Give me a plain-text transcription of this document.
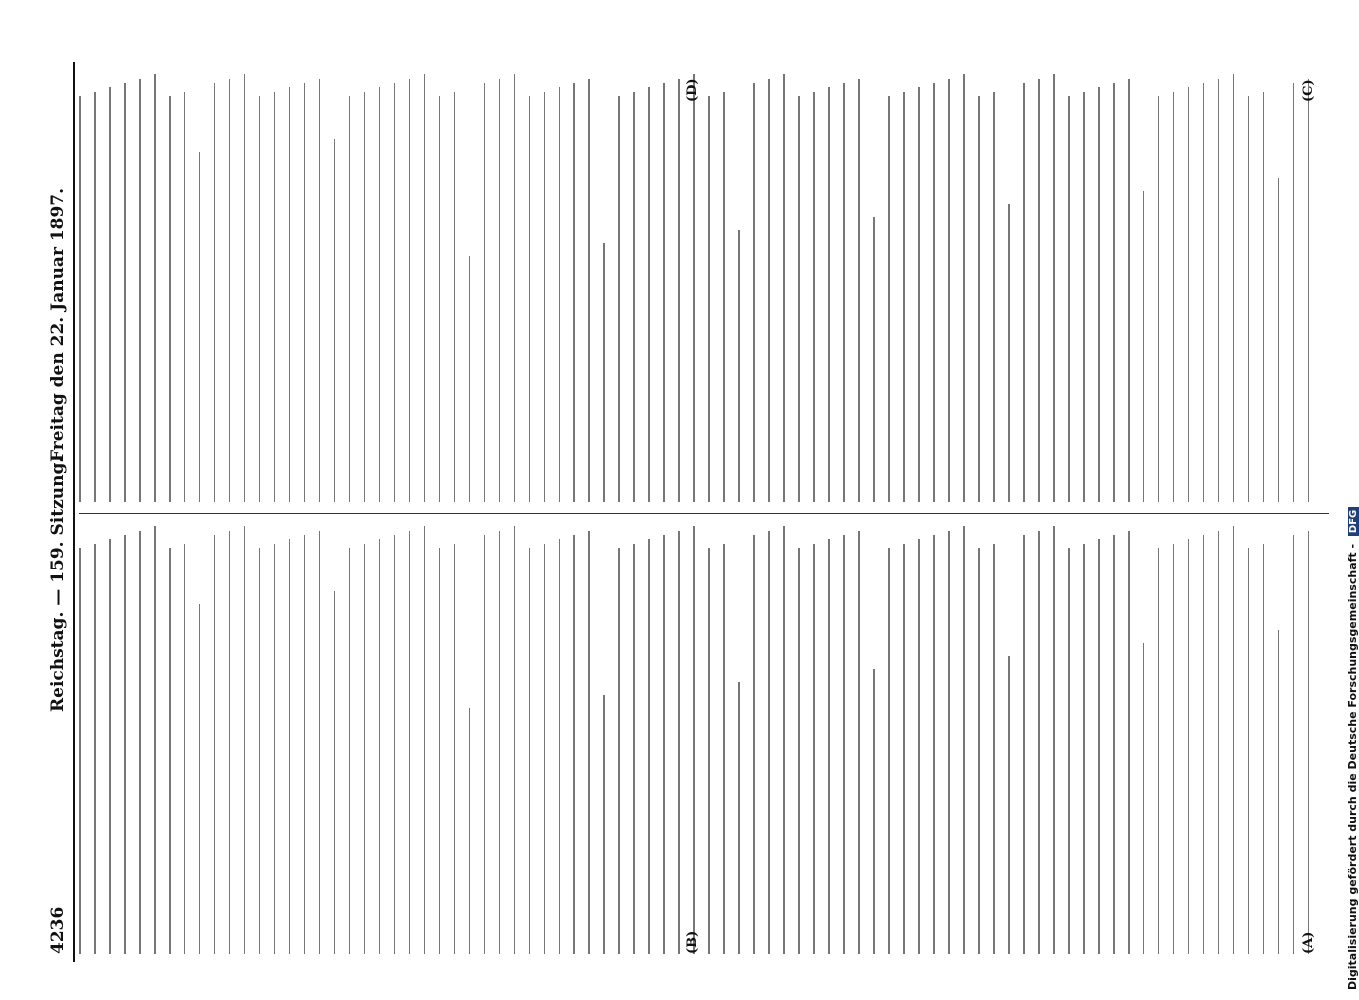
4236
Reichstag. — 159. Sitzung.
Freitag den 22. Januar 1897.
(A)
(B)
(C)
(D)
Digitalisierung gefördert durch die Deutsche Forschungsgemeinschaft - DFG
